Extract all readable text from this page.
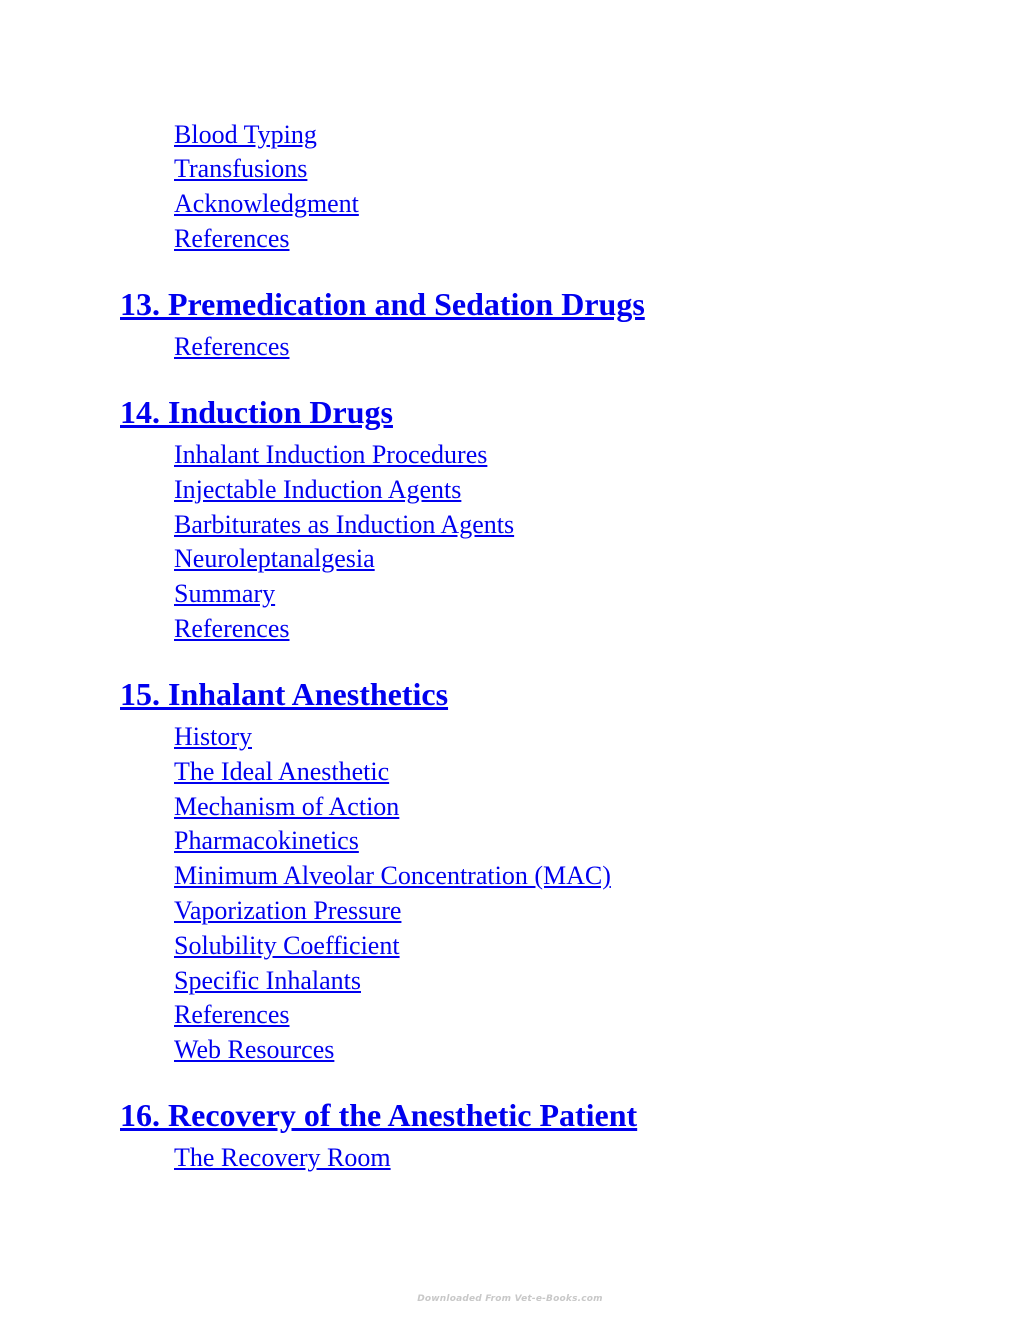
Blood Typing
Transfusions
Acknowledgment
References
13. Premedication and Sedation Drugs
References
14. Induction Drugs
Inhalant Induction Procedures
Injectable Induction Agents
Barbiturates as Induction Agents
Neuroleptanalgesia
Summary
References
15. Inhalant Anesthetics
History
The Ideal Anesthetic
Mechanism of Action
Pharmacokinetics
Minimum Alveolar Concentration (MAC)
Vaporization Pressure
Solubility Coefficient
Specific Inhalants
References
Web Resources
16. Recovery of the Anesthetic Patient
The Recovery Room
Downloaded From Vet-e-Books.com
